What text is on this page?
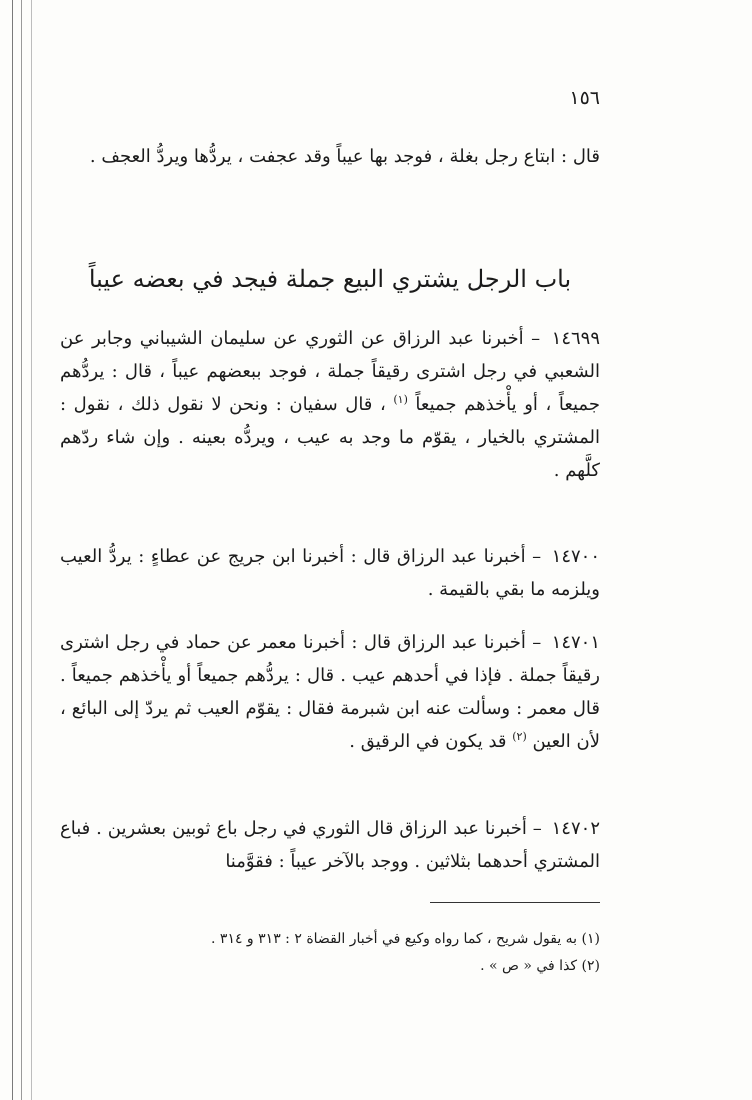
١٥٦
قال : ابتاع رجل بغلة ، فوجد بها عيباً وقد عجفت ، يردُّها ويردُّ العجف .
باب الرجل يشتري البيع جملة فيجد في بعضه عيباً
١٤٦٩٩ – أخبرنا عبد الرزاق عن الثوري عن سليمان الشيباني وجابر عن الشعبي في رجل اشترى رقيقاً جملة ، فوجد ببعضهم عيباً ، قال : يردُّهم جميعاً ، أو يأْخذهم جميعاً $^{(١)}$ ، قال سفيان : ونحن لا نقول ذلك ، نقول : المشتري بالخيار ، يقوّم ما وجد به عيب ، ويردُّه بعينه . وإن شاء ردّهم كلَّهم .
١٤٧٠٠ – أخبرنا عبد الرزاق قال : أخبرنا ابن جريج عن عطاءٍ : يردُّ العيب ويلزمه ما بقي بالقيمة .
١٤٧٠١ – أخبرنا عبد الرزاق قال : أخبرنا معمر عن حماد في رجل اشترى رقيقاً جملة . فإذا في أحدهم عيب . قال : يردُّهم جميعاً أو يأْخذهم جميعاً . قال معمر : وسألت عنه ابن شبرمة فقال : يقوّم العيب ثم يردّ إلى البائع ، لأن العين $^{(٢)}$ قد يكون في الرقيق .
١٤٧٠٢ – أخبرنا عبد الرزاق قال الثوري في رجل باع ثوبين بعشرين . فباع المشتري أحدهما بثلاثين . ووجد بالآخر عيباً : فقوَّمنا
(١) به يقول شريح ، كما رواه وكيع في أخبار القضاة ٢ : ٣١٣ و ٣١٤ .
(٢) كذا في « ص » .
